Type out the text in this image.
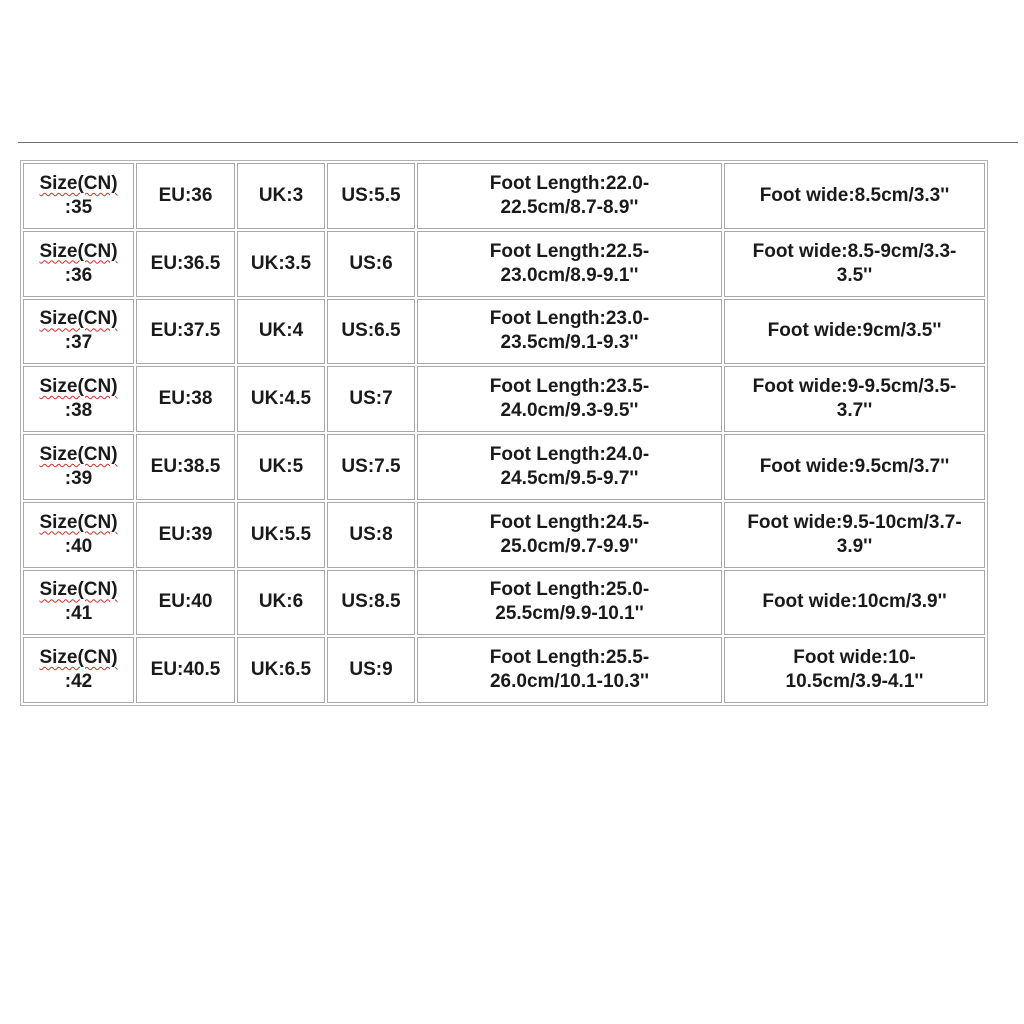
Size(CN)
:35	EU:36	UK:3	US:5.5	Foot Length:22.0-
22.5cm/8.7-8.9''	Foot wide:8.5cm/3.3''

Size(CN)
:36	EU:36.5	UK:3.5	US:6	Foot Length:22.5-
23.0cm/8.9-9.1''	Foot wide:8.5-9cm/3.3-
3.5''

Size(CN)
:37	EU:37.5	UK:4	US:6.5	Foot Length:23.0-
23.5cm/9.1-9.3''	Foot wide:9cm/3.5''

Size(CN)
:38	EU:38	UK:4.5	US:7	Foot Length:23.5-
24.0cm/9.3-9.5''	Foot wide:9-9.5cm/3.5-
3.7''

Size(CN)
:39	EU:38.5	UK:5	US:7.5	Foot Length:24.0-
24.5cm/9.5-9.7''	Foot wide:9.5cm/3.7''

Size(CN)
:40	EU:39	UK:5.5	US:8	Foot Length:24.5-
25.0cm/9.7-9.9''	Foot wide:9.5-10cm/3.7-
3.9''

Size(CN)
:41	EU:40	UK:6	US:8.5	Foot Length:25.0-
25.5cm/9.9-10.1''	Foot wide:10cm/3.9''

Size(CN)
:42	EU:40.5	UK:6.5	US:9	Foot Length:25.5-
26.0cm/10.1-10.3''	Foot wide:10-
10.5cm/3.9-4.1''
